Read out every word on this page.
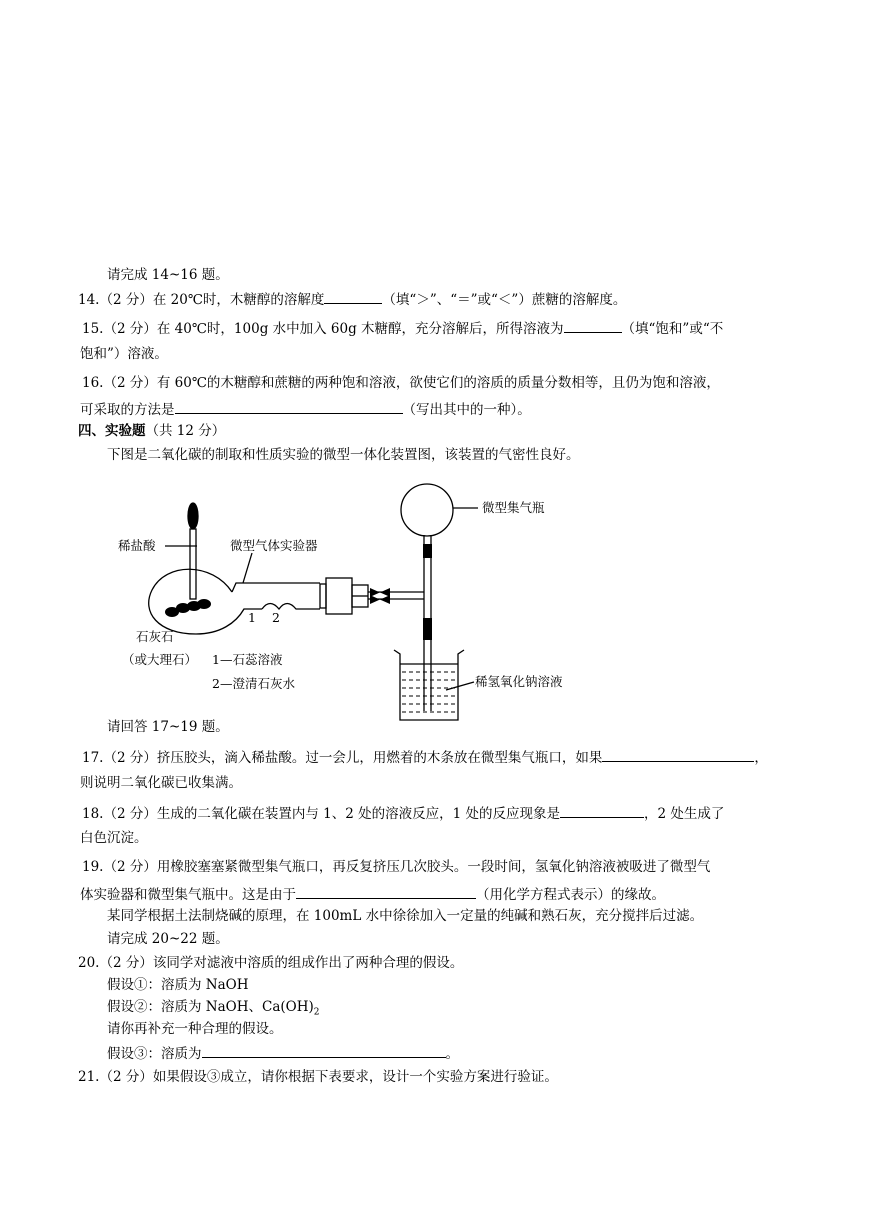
请完成 14~16 题。
14.（2 分）在 20℃时，木糖醇的溶解度	（填“＞”、“＝”或“＜”）蔗糖的溶解度。
15.（2 分）在 40℃时，100g 水中加入 60g 木糖醇，充分溶解后，所得溶液为	（填“饱和”或“不
饱和”）溶液。
16.（2 分）有 60℃的木糖醇和蔗糖的两种饱和溶液，欲使它们的溶质的质量分数相等，且仍为饱和溶液，
可采取的方法是	（写出其中的一种）。
四、实验题（共 12 分）
下图是二氧化碳的制取和性质实验的微型一体化装置图，该装置的气密性良好。
稀盐酸	微型气体实验器
微型集气瓶
1 2
石灰石
（或大理石） 1—石蕊溶液
2—澄清石灰水	稀氢氧化钠溶液
请回答 17~19 题。
17.（2 分）挤压胶头，滴入稀盐酸。过一会儿，用燃着的木条放在微型集气瓶口，如果	，
则说明二氧化碳已收集满。
18.（2 分）生成的二氧化碳在装置内与 1、2 处的溶液反应，1 处的反应现象是	，2 处生成了
白色沉淀。
19.（2 分）用橡胶塞塞紧微型集气瓶口，再反复挤压几次胶头。一段时间，氢氧化钠溶液被吸进了微型气
体实验器和微型集气瓶中。这是由于	（用化学方程式表示）的缘故。
某同学根据土法制烧碱的原理，在 100mL 水中徐徐加入一定量的纯碱和熟石灰，充分搅拌后过滤。
请完成 20~22 题。
20.（2 分）该同学对滤液中溶质的组成作出了两种合理的假设。
假设①：溶质为 NaOH
假设②：溶质为 NaOH、$Ca(OH)_2$
请你再补充一种合理的假设。
假设③：溶质为	。
21.（2 分）如果假设③成立，请你根据下表要求，设计一个实验方案进行验证。
